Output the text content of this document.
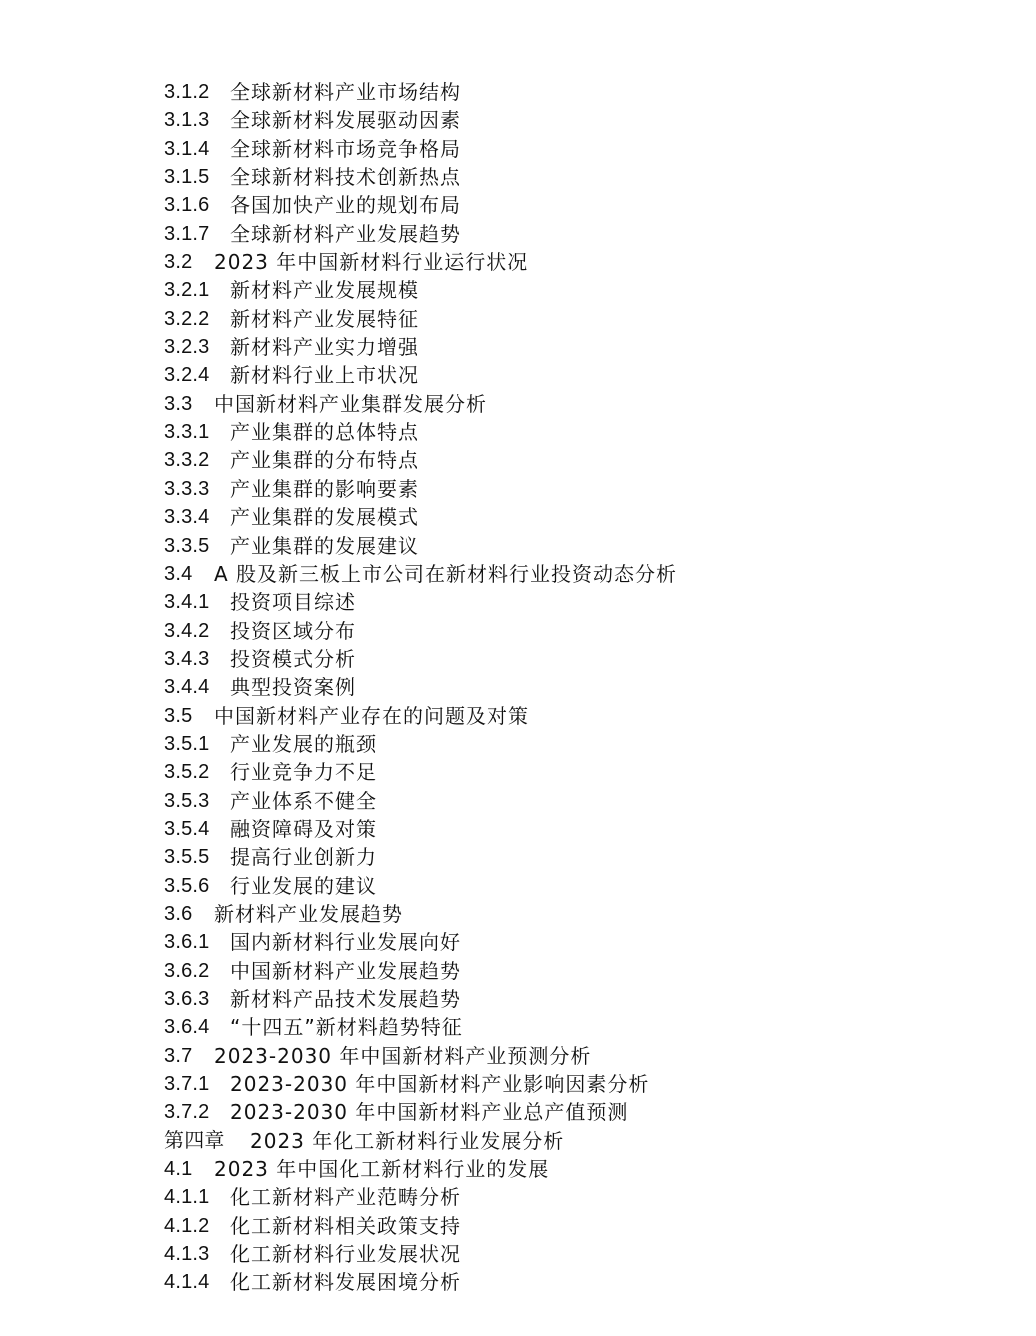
3.1.2	全球新材料产业市场结构
3.1.3	全球新材料发展驱动因素
3.1.4	全球新材料市场竞争格局
3.1.5	全球新材料技术创新热点
3.1.6	各国加快产业的规划布局
3.1.7	全球新材料产业发展趋势
3.2	2023 年中国新材料行业运行状况
3.2.1	新材料产业发展规模
3.2.2	新材料产业发展特征
3.2.3	新材料产业实力增强
3.2.4	新材料行业上市状况
3.3	中国新材料产业集群发展分析
3.3.1	产业集群的总体特点
3.3.2	产业集群的分布特点
3.3.3	产业集群的影响要素
3.3.4	产业集群的发展模式
3.3.5	产业集群的发展建议
3.4	A 股及新三板上市公司在新材料行业投资动态分析
3.4.1	投资项目综述
3.4.2	投资区域分布
3.4.3	投资模式分析
3.4.4	典型投资案例
3.5	中国新材料产业存在的问题及对策
3.5.1	产业发展的瓶颈
3.5.2	行业竞争力不足
3.5.3	产业体系不健全
3.5.4	融资障碍及对策
3.5.5	提高行业创新力
3.5.6	行业发展的建议
3.6	新材料产业发展趋势
3.6.1	国内新材料行业发展向好
3.6.2	中国新材料产业发展趋势
3.6.3	新材料产品技术发展趋势
3.6.4	“十四五”新材料趋势特征
3.7	2023-2030 年中国新材料产业预测分析
3.7.1	2023-2030 年中国新材料产业影响因素分析
3.7.2	2023-2030 年中国新材料产业总产值预测
第四章	2023 年化工新材料行业发展分析
4.1	2023 年中国化工新材料行业的发展
4.1.1	化工新材料产业范畴分析
4.1.2	化工新材料相关政策支持
4.1.3	化工新材料行业发展状况
4.1.4	化工新材料发展困境分析
